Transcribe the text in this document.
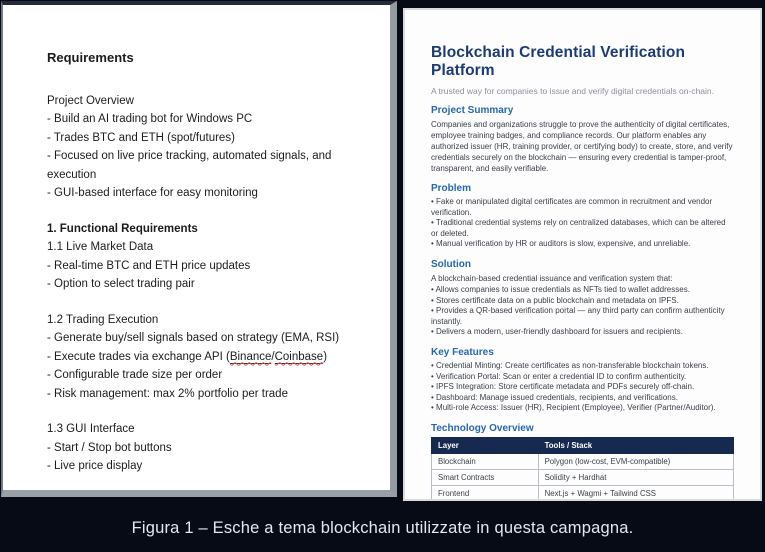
Requirements
Project Overview
- Build an AI trading bot for Windows PC
- Trades BTC and ETH (spot/futures)
- Focused on live price tracking, automated signals, and execution
- GUI-based interface for easy monitoring
1. Functional Requirements
1.1 Live Market Data
- Real-time BTC and ETH price updates
- Option to select trading pair
1.2 Trading Execution
- Generate buy/sell signals based on strategy (EMA, RSI)
- Execute trades via exchange API (Binance/Coinbase)
- Configurable trade size per order
- Risk management: max 2% portfolio per trade
1.3 GUI Interface
- Start / Stop bot buttons
- Live price display
Blockchain Credential Verification Platform
A trusted way for companies to issue and verify digital credentials on-chain.
Project Summary
Companies and organizations struggle to prove the authenticity of digital certificates, employee training badges, and compliance records. Our platform enables any authorized issuer (HR, training provider, or certifying body) to create, store, and verify credentials securely on the blockchain — ensuring every credential is tamper-proof, transparent, and easily verifiable.
Problem
• Fake or manipulated digital certificates are common in recruitment and vendor verification.
• Traditional credential systems rely on centralized databases, which can be altered or deleted.
• Manual verification by HR or auditors is slow, expensive, and unreliable.
Solution
A blockchain-based credential issuance and verification system that:
• Allows companies to issue credentials as NFTs tied to wallet addresses.
• Stores certificate data on a public blockchain and metadata on IPFS.
• Provides a QR-based verification portal — any third party can confirm authenticity instantly.
• Delivers a modern, user-friendly dashboard for issuers and recipients.
Key Features
• Credential Minting: Create certificates as non-transferable blockchain tokens.
• Verification Portal: Scan or enter a credential ID to confirm authenticity.
• IPFS Integration: Store certificate metadata and PDFs securely off-chain.
• Dashboard: Manage issued credentials, recipients, and verifications.
• Multi-role Access: Issuer (HR), Recipient (Employee), Verifier (Partner/Auditor).
Technology Overview
Layer	Tools / Stack
Blockchain	Polygon (low-cost, EVM-compatible)
Smart Contracts	Solidity + Hardhat
Frontend	Next.js + Wagmi + Tailwind CSS

Figura 1 – Esche a tema blockchain utilizzate in questa campagna.
